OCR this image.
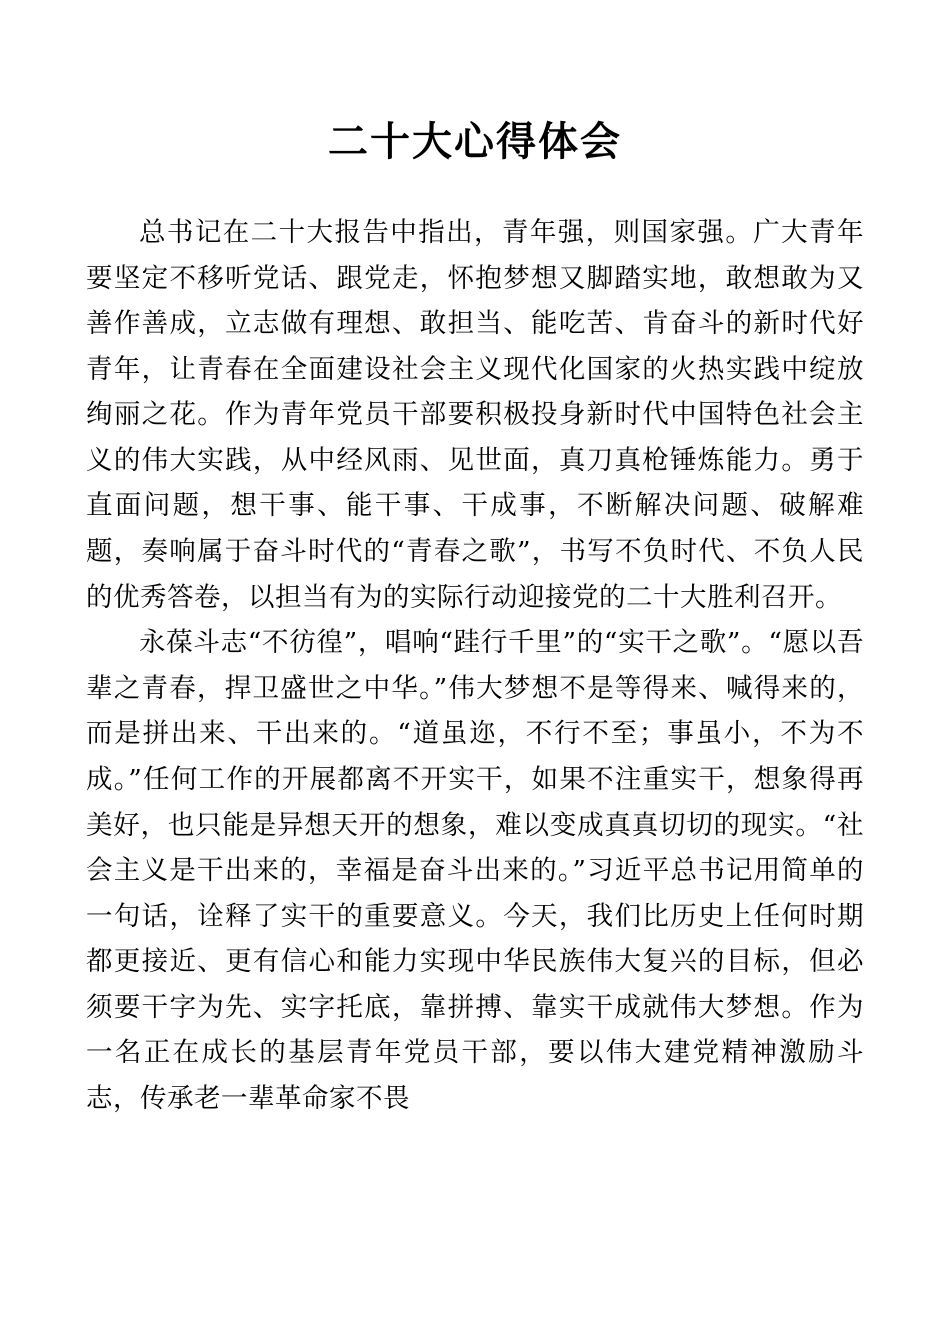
二十大心得体会

总书记在二十大报告中指出，青年强，则国家强。广大青年要坚定不移听党话、跟党走，怀抱梦想又脚踏实地，敢想敢为又善作善成，立志做有理想、敢担当、能吃苦、肯奋斗的新时代好青年，让青春在全面建设社会主义现代化国家的火热实践中绽放绚丽之花。作为青年党员干部要积极投身新时代中国特色社会主义的伟大实践，从中经风雨、见世面，真刀真枪锤炼能力。勇于直面问题，想干事、能干事、干成事，不断解决问题、破解难题，奏响属于奋斗时代的“青春之歌”，书写不负时代、不负人民的优秀答卷，以担当有为的实际行动迎接党的二十大胜利召开。

永葆斗志“不彷徨”，唱响“跬行千里”的“实干之歌”。“愿以吾辈之青春，捍卫盛世之中华。”伟大梦想不是等得来、喊得来的，而是拼出来、干出来的。“道虽迩，不行不至；事虽小，不为不成。”任何工作的开展都离不开实干，如果不注重实干，想象得再美好，也只能是异想天开的想象，难以变成真真切切的现实。“社会主义是干出来的，幸福是奋斗出来的。”习近平总书记用简单的一句话，诠释了实干的重要意义。今天，我们比历史上任何时期都更接近、更有信心和能力实现中华民族伟大复兴的目标，但必须要干字为先、实字托底，靠拼搏、靠实干成就伟大梦想。作为一名正在成长的基层青年党员干部，要以伟大建党精神激励斗志，传承老一辈革命家不畏
